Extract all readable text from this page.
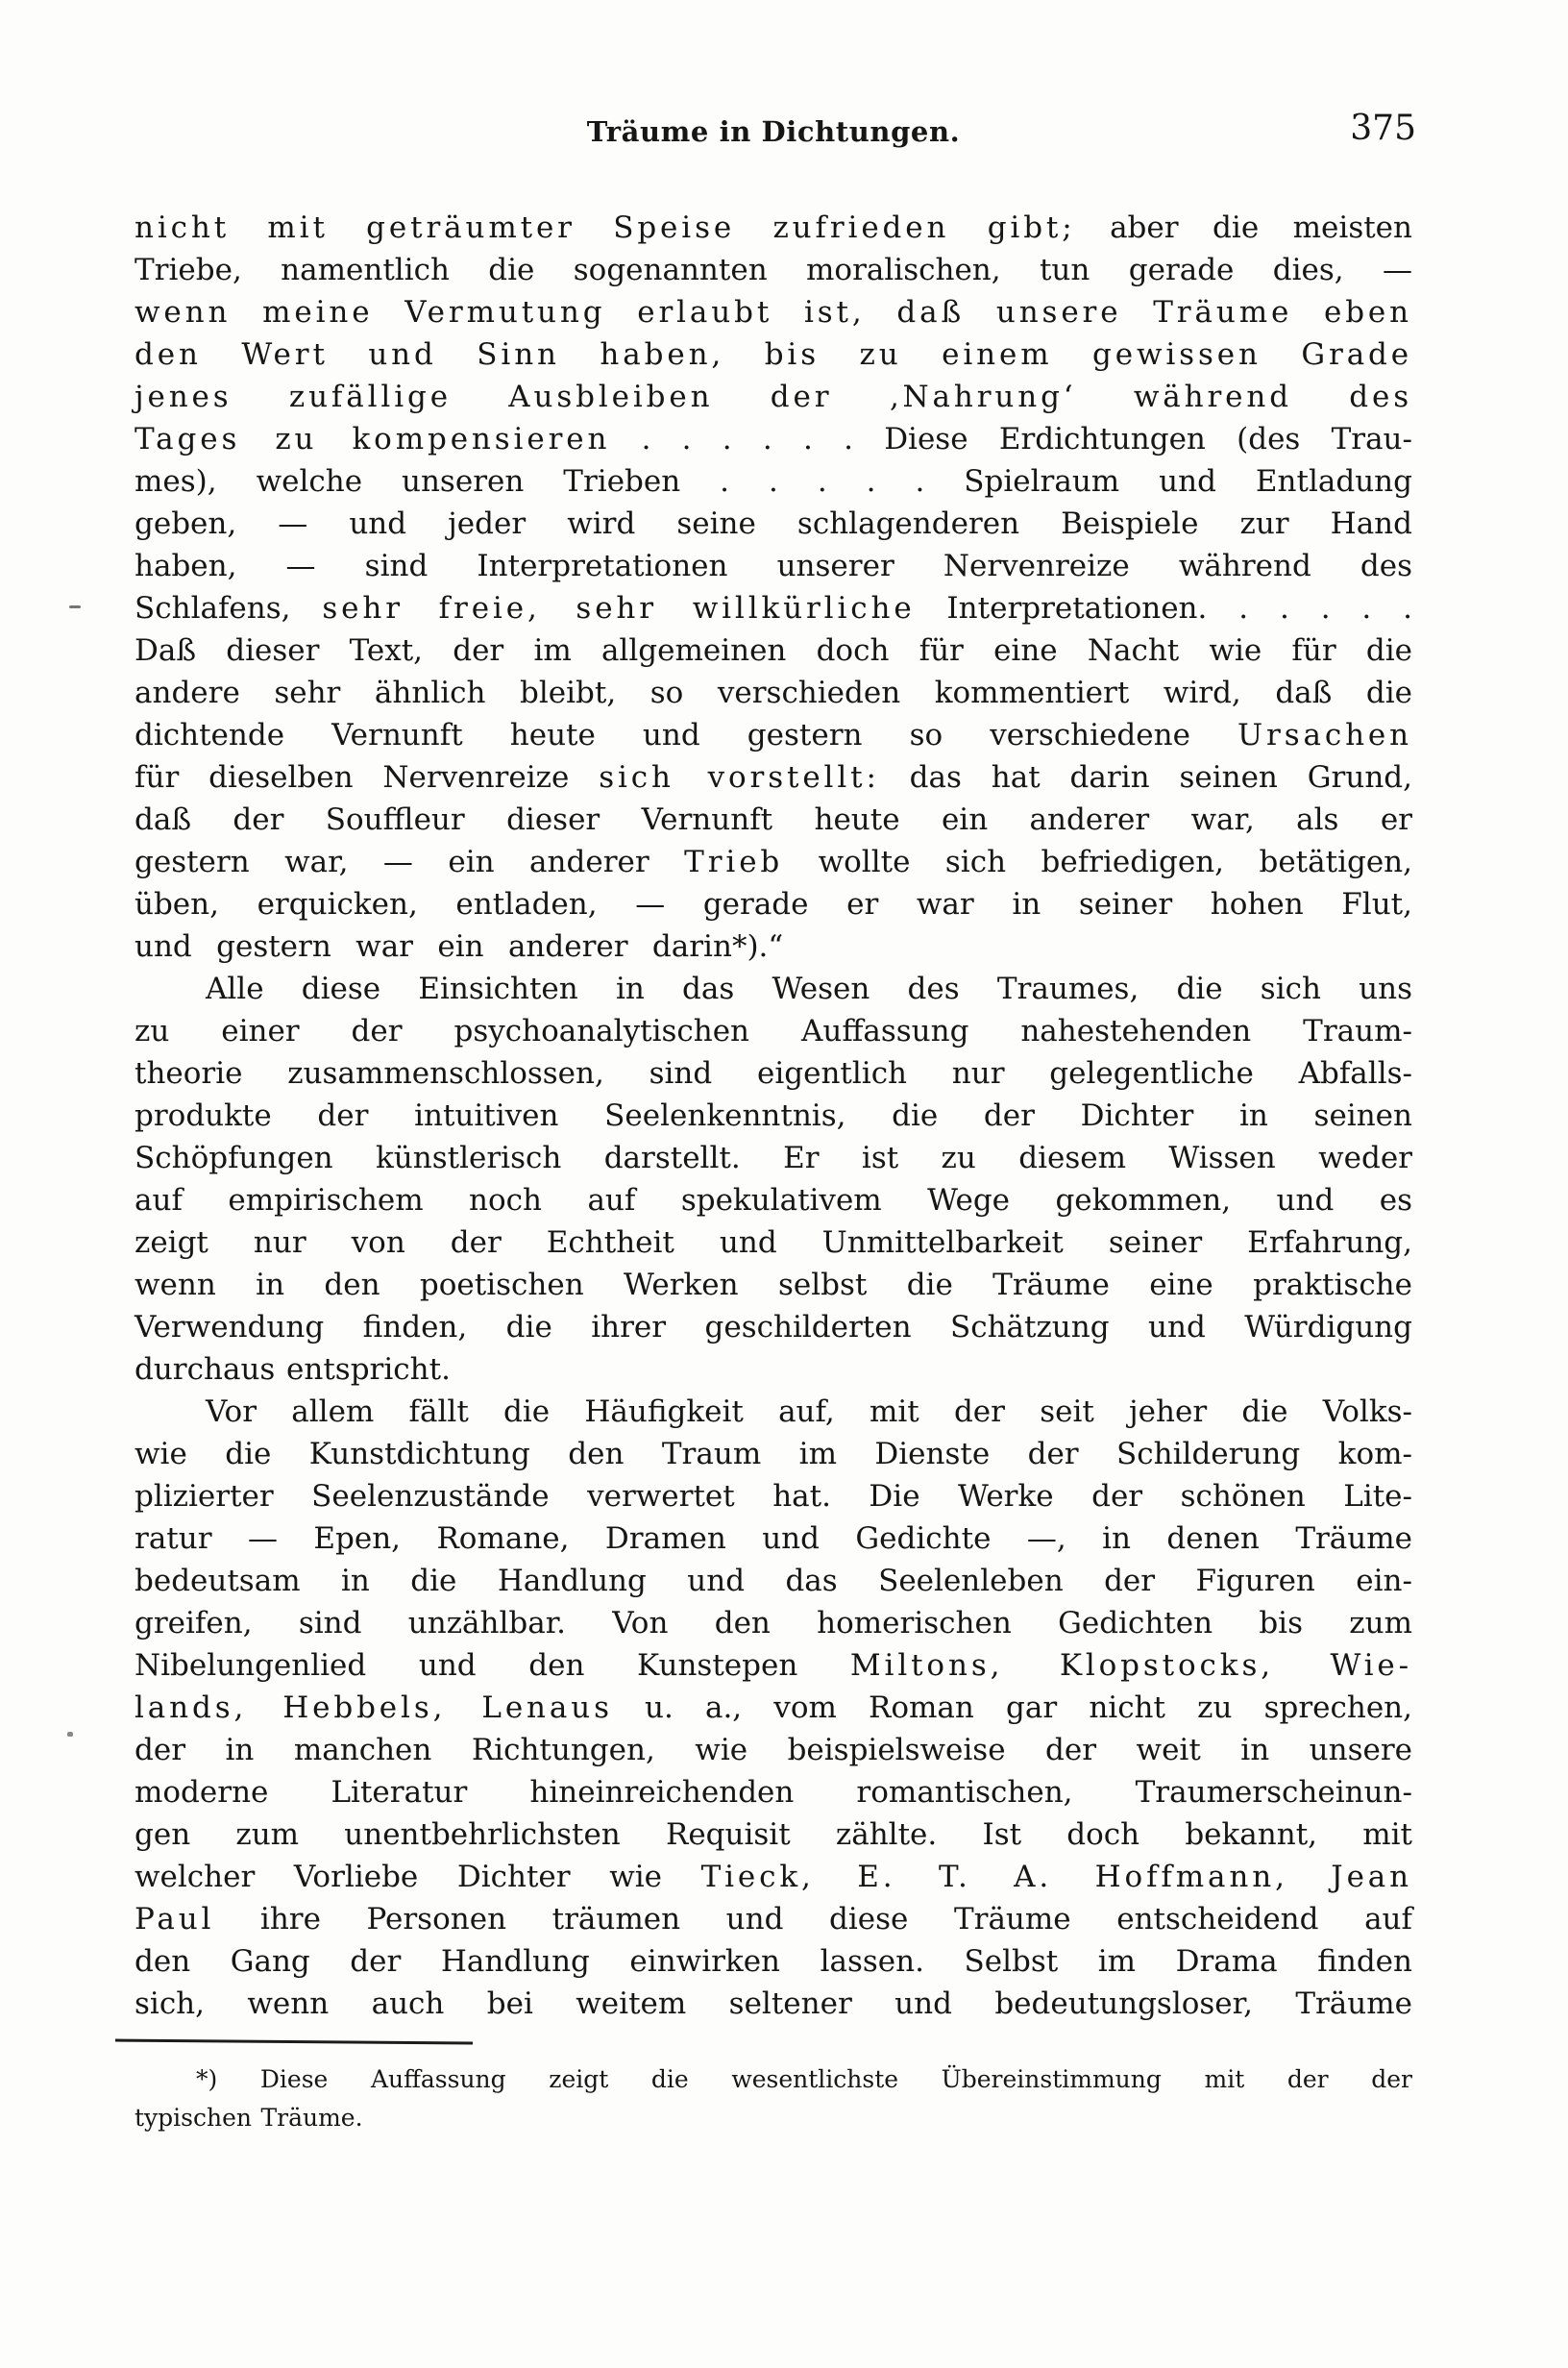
Träume in Dichtungen.	375
nicht mit geträumter Speise zufrieden gibt; aber die meisten
Triebe, namentlich die sogenannten moralischen, tun gerade dies, —
wenn meine Vermutung erlaubt ist, daß unsere Träume eben
den Wert und Sinn haben, bis zu einem gewissen Grade
jenes zufällige Ausbleiben der ‚Nahrung‘ während des
Tages zu kompensieren . . . . . . Diese Erdichtungen (des Trau-
mes), welche unseren Trieben . . . . . Spielraum und Entladung
geben, — und jeder wird seine schlagenderen Beispiele zur Hand
haben, — sind Interpretationen unserer Nervenreize während des
Schlafens, sehr freie, sehr willkürliche Interpretationen. . . . . .
Daß dieser Text, der im allgemeinen doch für eine Nacht wie für die
andere sehr ähnlich bleibt, so verschieden kommentiert wird, daß die
dichtende Vernunft heute und gestern so verschiedene Ursachen
für dieselben Nervenreize sich vorstellt: das hat darin seinen Grund,
daß der Souffleur dieser Vernunft heute ein anderer war, als er
gestern war, — ein anderer Trieb wollte sich befriedigen, betätigen,
üben, erquicken, entladen, — gerade er war in seiner hohen Flut,
und gestern war ein anderer darin*).“
Alle diese Einsichten in das Wesen des Traumes, die sich uns
zu einer der psychoanalytischen Auffassung nahestehenden Traum-
theorie zusammenschlossen, sind eigentlich nur gelegentliche Abfalls-
produkte der intuitiven Seelenkenntnis, die der Dichter in seinen
Schöpfungen künstlerisch darstellt. Er ist zu diesem Wissen weder
auf empirischem noch auf spekulativem Wege gekommen, und es
zeigt nur von der Echtheit und Unmittelbarkeit seiner Erfahrung,
wenn in den poetischen Werken selbst die Träume eine praktische
Verwendung finden, die ihrer geschilderten Schätzung und Würdigung
durchaus entspricht.
Vor allem fällt die Häufigkeit auf, mit der seit jeher die Volks-
wie die Kunstdichtung den Traum im Dienste der Schilderung kom-
plizierter Seelenzustände verwertet hat. Die Werke der schönen Lite-
ratur — Epen, Romane, Dramen und Gedichte —, in denen Träume
bedeutsam in die Handlung und das Seelenleben der Figuren ein-
greifen, sind unzählbar. Von den homerischen Gedichten bis zum
Nibelungenlied und den Kunstepen Miltons, Klopstocks, Wie-
lands, Hebbels, Lenaus u. a., vom Roman gar nicht zu sprechen,
der in manchen Richtungen, wie beispielsweise der weit in unsere
moderne Literatur hineinreichenden romantischen, Traumerscheinun-
gen zum unentbehrlichsten Requisit zählte. Ist doch bekannt, mit
welcher Vorliebe Dichter wie Tieck, E. T. A. Hoffmann, Jean
Paul ihre Personen träumen und diese Träume entscheidend auf
den Gang der Handlung einwirken lassen. Selbst im Drama finden
sich, wenn auch bei weitem seltener und bedeutungsloser, Träume
*) Diese Auffassung zeigt die wesentlichste Übereinstimmung mit der der
typischen Träume.
